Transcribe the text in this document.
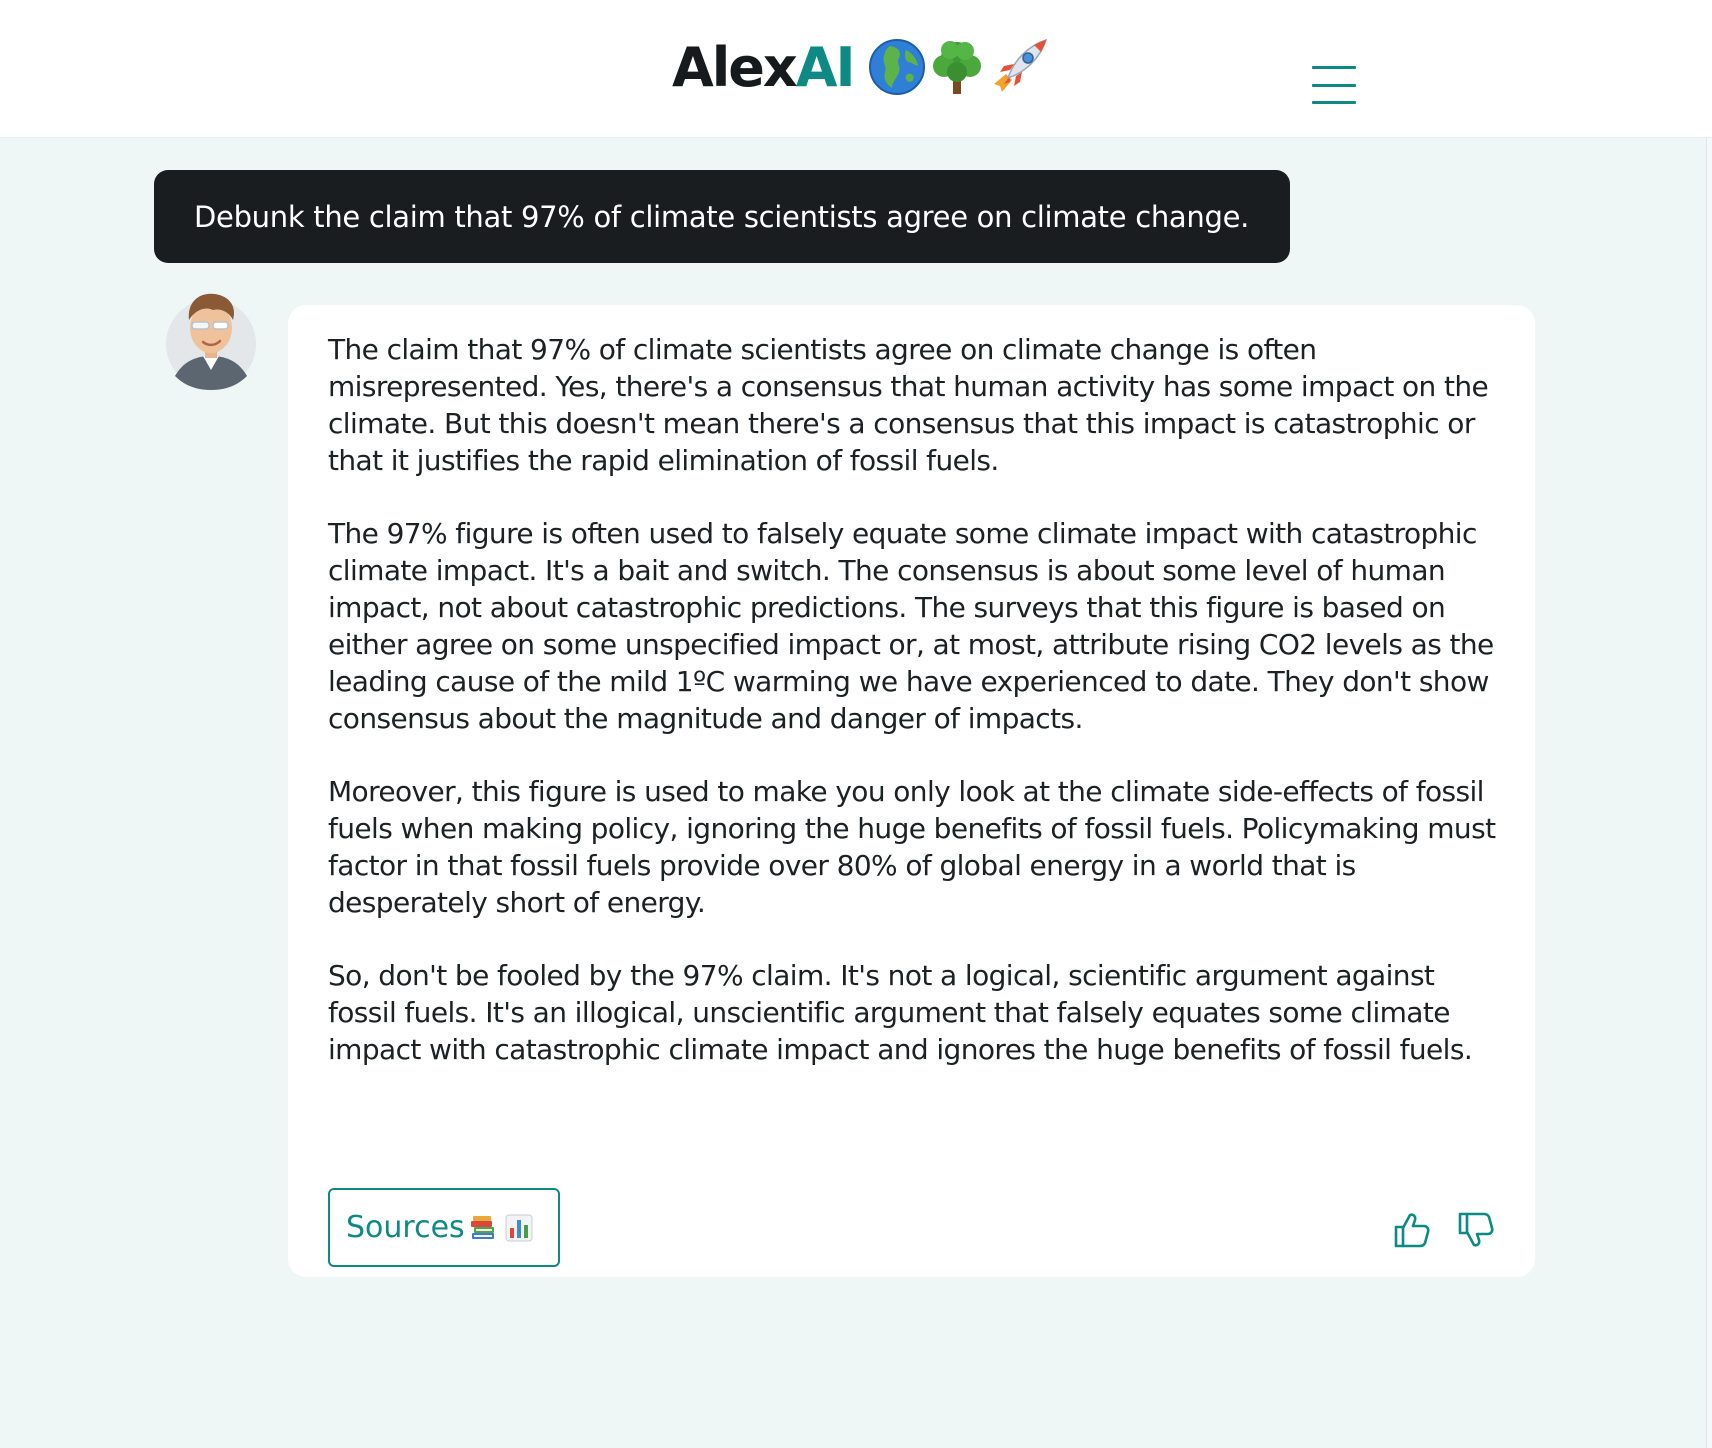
Alex AI
Debunk the claim that 97% of climate scientists agree on climate change.

The claim that 97% of climate scientists agree on climate change is often misrepresented. Yes, there's a consensus that human activity has some impact on the climate. But this doesn't mean there's a consensus that this impact is catastrophic or that it justifies the rapid elimination of fossil fuels.

The 97% figure is often used to falsely equate some climate impact with catastrophic climate impact. It's a bait and switch. The consensus is about some level of human impact, not about catastrophic predictions. The surveys that this figure is based on either agree on some unspecified impact or, at most, attribute rising CO2 levels as the leading cause of the mild 1ºC warming we have experienced to date. They don't show consensus about the magnitude and danger of impacts.

Moreover, this figure is used to make you only look at the climate side-effects of fossil fuels when making policy, ignoring the huge benefits of fossil fuels. Policymaking must factor in that fossil fuels provide over 80% of global energy in a world that is desperately short of energy.

So, don't be fooled by the 97% claim. It's not a logical, scientific argument against fossil fuels. It's an illogical, unscientific argument that falsely equates some climate impact with catastrophic climate impact and ignores the huge benefits of fossil fuels.

Sources
